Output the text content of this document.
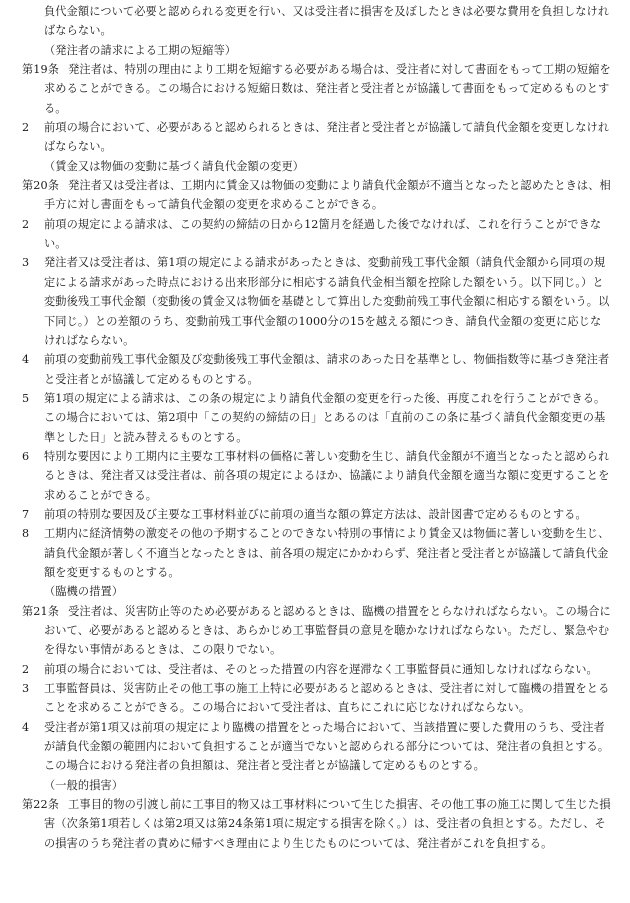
負代金額について必要と認められる変更を行い、又は受注者に損害を及ぼしたときは必要な費用を負担しなければならない。

（発注者の請求による工期の短縮等）

第19条 発注者は、特別の理由により工期を短縮する必要がある場合は、受注者に対して書面をもって工期の短縮を求めることができる。この場合における短縮日数は、発注者と受注者とが協議して書面をもって定めるものとする。

2 前項の場合において、必要があると認められるときは、発注者と受注者とが協議して請負代金額を変更しなければならない。

（賃金又は物価の変動に基づく請負代金額の変更）

第20条 発注者又は受注者は、工期内に賃金又は物価の変動により請負代金額が不適当となったと認めたときは、相手方に対し書面をもって請負代金額の変更を求めることができる。

2 前項の規定による請求は、この契約の締結の日から12箇月を経過した後でなければ、これを行うことができない。

3 発注者又は受注者は、第1項の規定による請求があったときは、変動前残工事代金額（請負代金額から同項の規定による請求があった時点における出来形部分に相応する請負代金相当額を控除した額をいう。以下同じ。）と変動後残工事代金額（変動後の賃金又は物価を基礎として算出した変動前残工事代金額に相応する額をいう。以下同じ。）との差額のうち、変動前残工事代金額の1000分の15を越える額につき、請負代金額の変更に応じなければならない。

4 前項の変動前残工事代金額及び変動後残工事代金額は、請求のあった日を基準とし、物価指数等に基づき発注者と受注者とが協議して定めるものとする。

5 第1項の規定による請求は、この条の規定により請負代金額の変更を行った後、再度これを行うことができる。この場合においては、第2項中「この契約の締結の日」とあるのは「直前のこの条に基づく請負代金額変更の基準とした日」と読み替えるものとする。

6 特別な要因により工期内に主要な工事材料の価格に著しい変動を生じ、請負代金額が不適当となったと認められるときは、発注者又は受注者は、前各項の規定によるほか、協議により請負代金額を適当な額に変更することを求めることができる。

7 前項の特別な要因及び主要な工事材料並びに前項の適当な額の算定方法は、設計図書で定めるものとする。

8 工期内に経済情勢の激変その他の予期することのできない特別の事情により賃金又は物価に著しい変動を生じ、請負代金額が著しく不適当となったときは、前各項の規定にかかわらず、発注者と受注者とが協議して請負代金額を変更するものとする。

（臨機の措置）

第21条 受注者は、災害防止等のため必要があると認めるときは、臨機の措置をとらなければならない。この場合において、必要があると認めるときは、あらかじめ工事監督員の意見を聴かなければならない。ただし、緊急やむを得ない事情があるときは、この限りでない。

2 前項の場合においては、受注者は、そのとった措置の内容を遅滞なく工事監督員に通知しなければならない。

3 工事監督員は、災害防止その他工事の施工上特に必要があると認めるときは、受注者に対して臨機の措置をとることを求めることができる。この場合において受注者は、直ちにこれに応じなければならない。

4 受注者が第1項又は前項の規定により臨機の措置をとった場合において、当該措置に要した費用のうち、受注者が請負代金額の範囲内において負担することが適当でないと認められる部分については、発注者の負担とする。この場合における発注者の負担額は、発注者と受注者とが協議して定めるものとする。

（一般的損害）

第22条 工事目的物の引渡し前に工事目的物又は工事材料について生じた損害、その他工事の施工に関して生じた損害（次条第1項若しくは第2項又は第24条第1項に規定する損害を除く。）は、受注者の負担とする。ただし、その損害のうち発注者の責めに帰すべき理由により生じたものについては、発注者がこれを負担する。
